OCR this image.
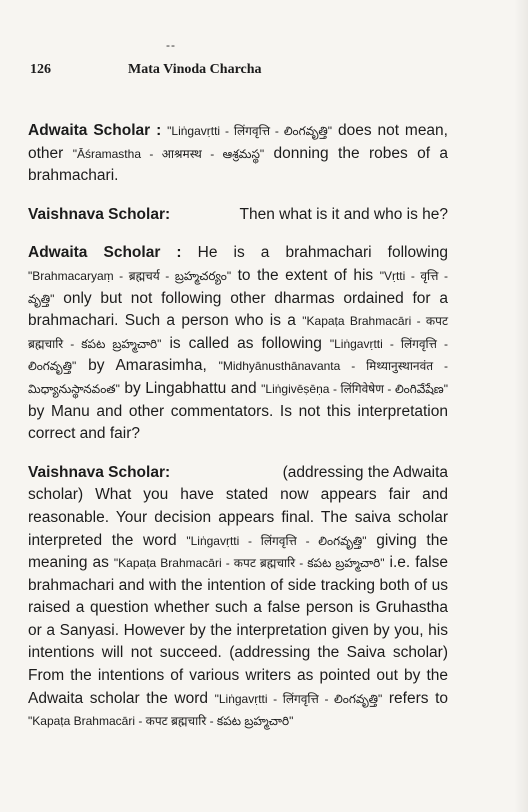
--
126	Mata Vinoda Charcha

Adwaita Scholar : "Liṅgavṛtti - लिंगवृत्ति - లింగవృత్తి" does not mean, other "Āśramastha - आश्रमस्थ - ఆశ్రమస్థ" donning the robes of a brahmachari.

Vaishnava Scholar:	Then what is it and who is he?

Adwaita Scholar : He is a brahmachari following "Brahmacaryaṃ - ब्रह्मचर्य - బ్రహ్మచర్యం" to the extent of his "Vṛtti - वृत्ति - వృత్తి" only but not following other dharmas ordained for a brahmachari. Such a person who is a "Kapaṭa Brahmacāri - कपट ब्रह्मचारि - కపట బ్రహ్మచారి" is called as following "Liṅgavṛtti - लिंगवृत्ति - లింగవృత్తి" by Amarasimha, "Midhyānusthānavanta - मिथ्यानुस्थानवंत - మిధ్యానుస్థానవంత" by Lingabhattu and "Liṅgivēṣēṇa - लिंगिवेषेण - లింగివేషేణ" by Manu and other commentators. Is not this interpretation correct and fair?

Vaishnava Scholar:	(addressing the Adwaita

scholar) What you have stated now appears fair and reasonable. Your decision appears final. The saiva scholar interpreted the word "Liṅgavṛtti - लिंगवृत्ति - లింగవృత్తి" giving the meaning as "Kapaṭa Brahmacāri - कपट ब्रह्मचारि - కపట బ్రహ్మచారి" i.e. false brahmachari and with the intention of side tracking both of us raised a question whether such a false person is Gruhastha or a Sanyasi. However by the interpretation given by you, his intentions will not succeed. (addressing the Saiva scholar) From the intentions of various writers as pointed out by the Adwaita scholar the word "Liṅgavṛtti - लिंगवृत्ति - లింగవృత్తి" refers to "Kapaṭa Brahmacāri - कपट ब्रह्मचारि - కపట బ్రహ్మచారి"
